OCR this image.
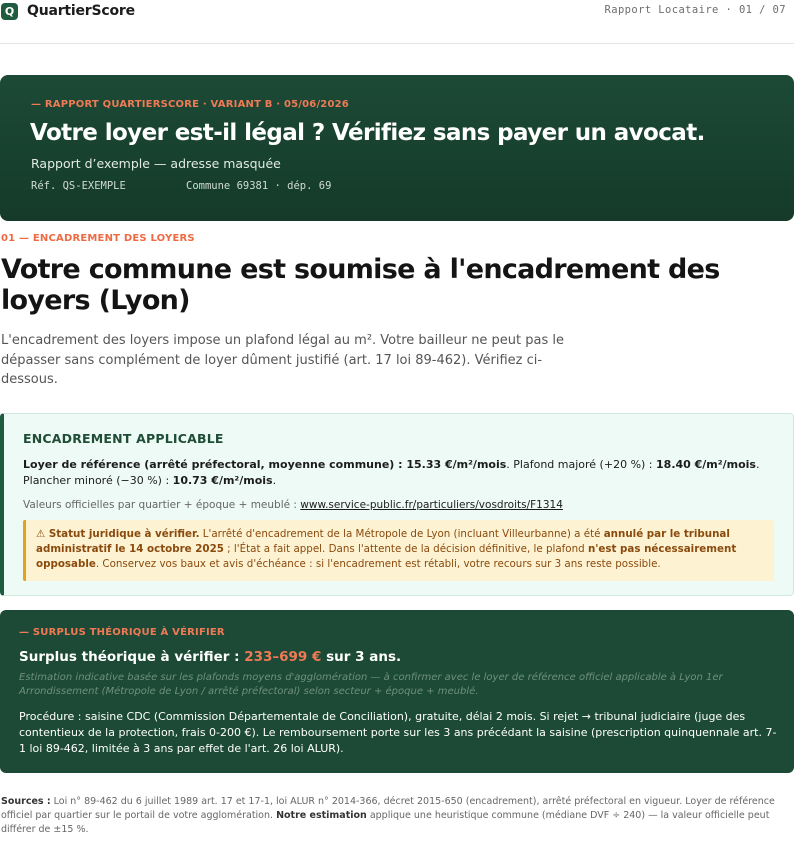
Q QuartierScore	Rapport Locataire · 01 / 07
— RAPPORT QUARTIERSCORE · VARIANT B · 05/06/2026
Votre loyer est-il légal ? Vérifiez sans payer un avocat.
Rapport d’exemple — adresse masquée
Réf. QS-EXEMPLE	Commune 69381 · dép. 69
01 — ENCADREMENT DES LOYERS
Votre commune est soumise à l'encadrement des loyers (Lyon)

L'encadrement des loyers impose un plafond légal au m². Votre bailleur ne peut pas le dépasser sans complément de loyer dûment justifié (art. 17 loi 89-462). Vérifiez ci-dessous.

ENCADREMENT APPLICABLE

Loyer de référence (arrêté préfectoral, moyenne commune) : 15.33 €/m²/mois. Plafond majoré (+20 %) : 18.40 €/m²/mois. Plancher minoré (−30 %) : 10.73 €/m²/mois.

Valeurs officielles par quartier + époque + meublé : www.service-public.fr/particuliers/vosdroits/F1314
⚠ Statut juridique à vérifier. L'arrêté d'encadrement de la Métropole de Lyon (incluant Villeurbanne) a été annulé par le tribunal administratif le 14 octobre 2025 ; l'État a fait appel. Dans l'attente de la décision définitive, le plafond n'est pas nécessairement opposable. Conservez vos baux et avis d'échéance : si l'encadrement est rétabli, votre recours sur 3 ans reste possible.
— SURPLUS THÉORIQUE À VÉRIFIER
Surplus théorique à vérifier : 233–699 € sur 3 ans.

Estimation indicative basée sur les plafonds moyens d'agglomération — à confirmer avec le loyer de référence officiel applicable à Lyon 1er Arrondissement (Métropole de Lyon / arrêté préfectoral) selon secteur + époque + meublé.

Procédure : saisine CDC (Commission Départementale de Conciliation), gratuite, délai 2 mois. Si rejet → tribunal judiciaire (juge des contentieux de la protection, frais 0-200 €). Le remboursement porte sur les 3 ans précédant la saisine (prescription quinquennale art. 7-1 loi 89-462, limitée à 3 ans par effet de l'art. 26 loi ALUR).

Sources : Loi n° 89-462 du 6 juillet 1989 art. 17 et 17-1, loi ALUR n° 2014-366, décret 2015-650 (encadrement), arrêté préfectoral en vigueur. Loyer de référence officiel par quartier sur le portail de votre agglomération. Notre estimation applique une heuristique commune (médiane DVF ÷ 240) — la valeur officielle peut différer de ±15 %.
